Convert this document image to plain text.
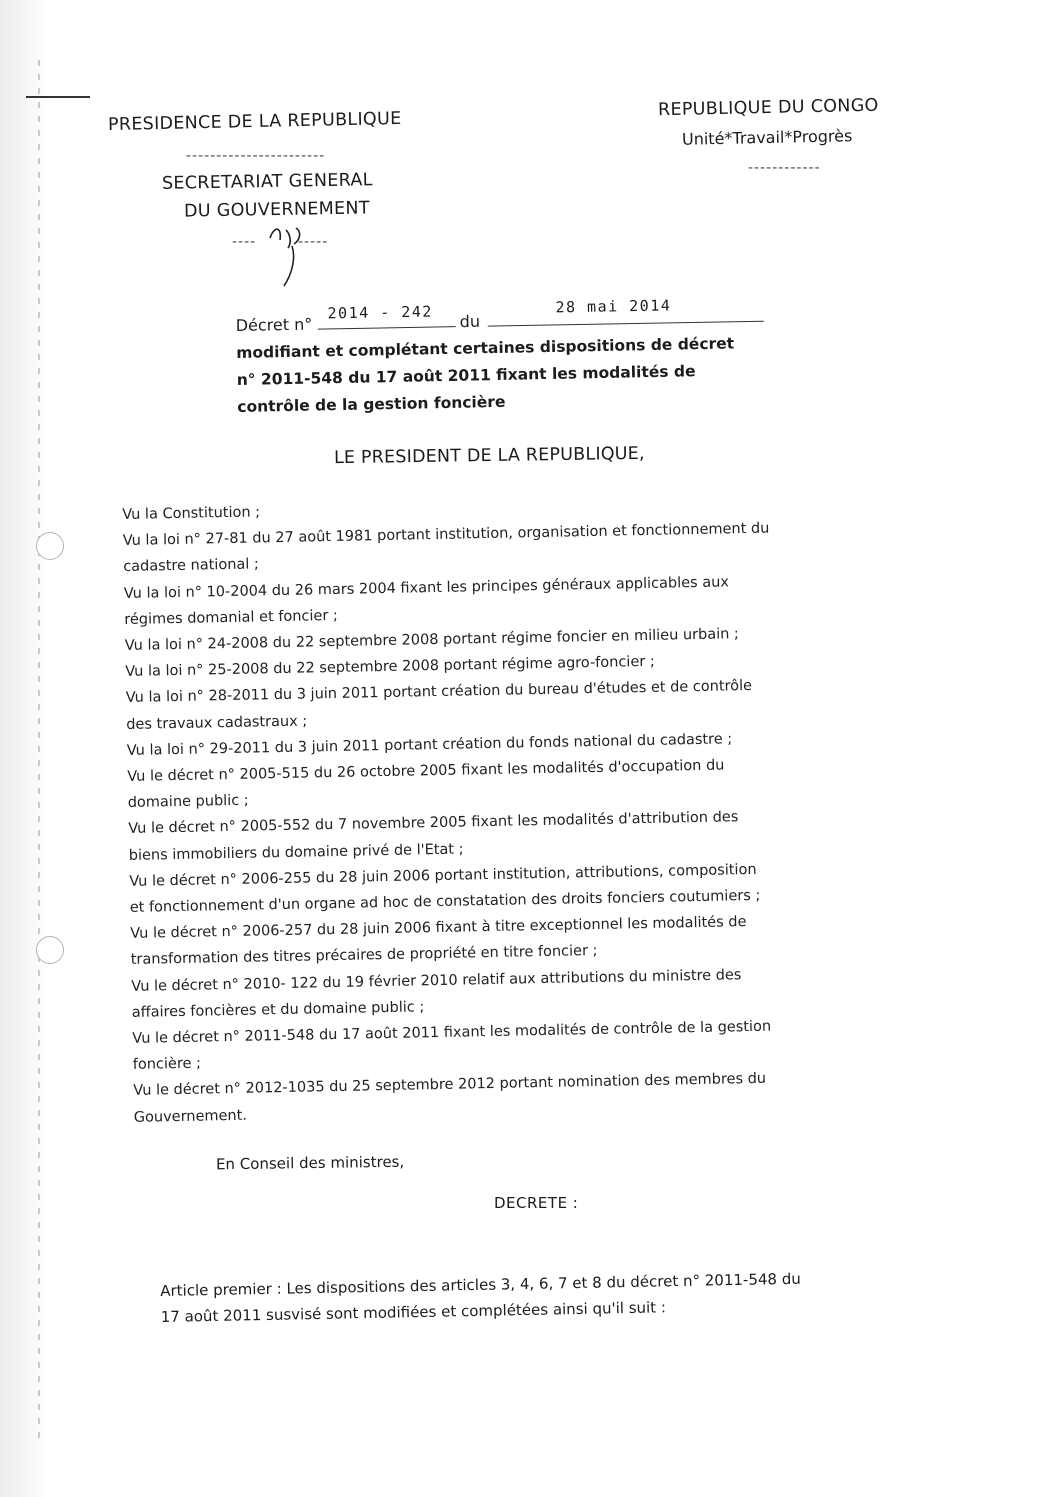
PRESIDENCE DE LA REPUBLIQUE
-----------------------
SECRETARIAT GENERAL
DU GOUVERNEMENT
----	-----
REPUBLIQUE DU CONGO
Unité*Travail*Progrès
------------
Décret n°
2014 - 242 du
28 mai 2014
modifiant et complétant certaines dispositions de décret
n° 2011-548 du 17 août 2011 fixant les modalités de
contrôle de la gestion foncière
LE PRESIDENT DE LA REPUBLIQUE,

Vu la Constitution ;

Vu la loi n° 27-81 du 27 août 1981 portant institution, organisation et fonctionnement du

cadastre national ;

Vu la loi n° 10-2004 du 26 mars 2004 fixant les principes généraux applicables aux

régimes domanial et foncier ;

Vu la loi n° 24-2008 du 22 septembre 2008 portant régime foncier en milieu urbain ;

Vu la loi n° 25-2008 du 22 septembre 2008 portant régime agro-foncier ;

Vu la loi n° 28-2011 du 3 juin 2011 portant création du bureau d'études et de contrôle

des travaux cadastraux ;

Vu la loi n° 29-2011 du 3 juin 2011 portant création du fonds national du cadastre ;

Vu le décret n° 2005-515 du 26 octobre 2005 fixant les modalités d'occupation du

domaine public ;

Vu le décret n° 2005-552 du 7 novembre 2005 fixant les modalités d'attribution des

biens immobiliers du domaine privé de l'Etat ;

Vu le décret n° 2006-255 du 28 juin 2006 portant institution, attributions, composition

et fonctionnement d'un organe ad hoc de constatation des droits fonciers coutumiers ;

Vu le décret n° 2006-257 du 28 juin 2006 fixant à titre exceptionnel les modalités de

transformation des titres précaires de propriété en titre foncier ;

Vu le décret n° 2010- 122 du 19 février 2010 relatif aux attributions du ministre des

affaires foncières et du domaine public ;

Vu le décret n° 2011-548 du 17 août 2011 fixant les modalités de contrôle de la gestion

foncière ;

Vu le décret n° 2012-1035 du 25 septembre 2012 portant nomination des membres du

Gouvernement.

En Conseil des ministres,
DECRETE :
Article premier : Les dispositions des articles 3, 4, 6, 7 et 8 du décret n° 2011-548 du
17 août 2011 susvisé sont modifiées et complétées ainsi qu'il suit :
